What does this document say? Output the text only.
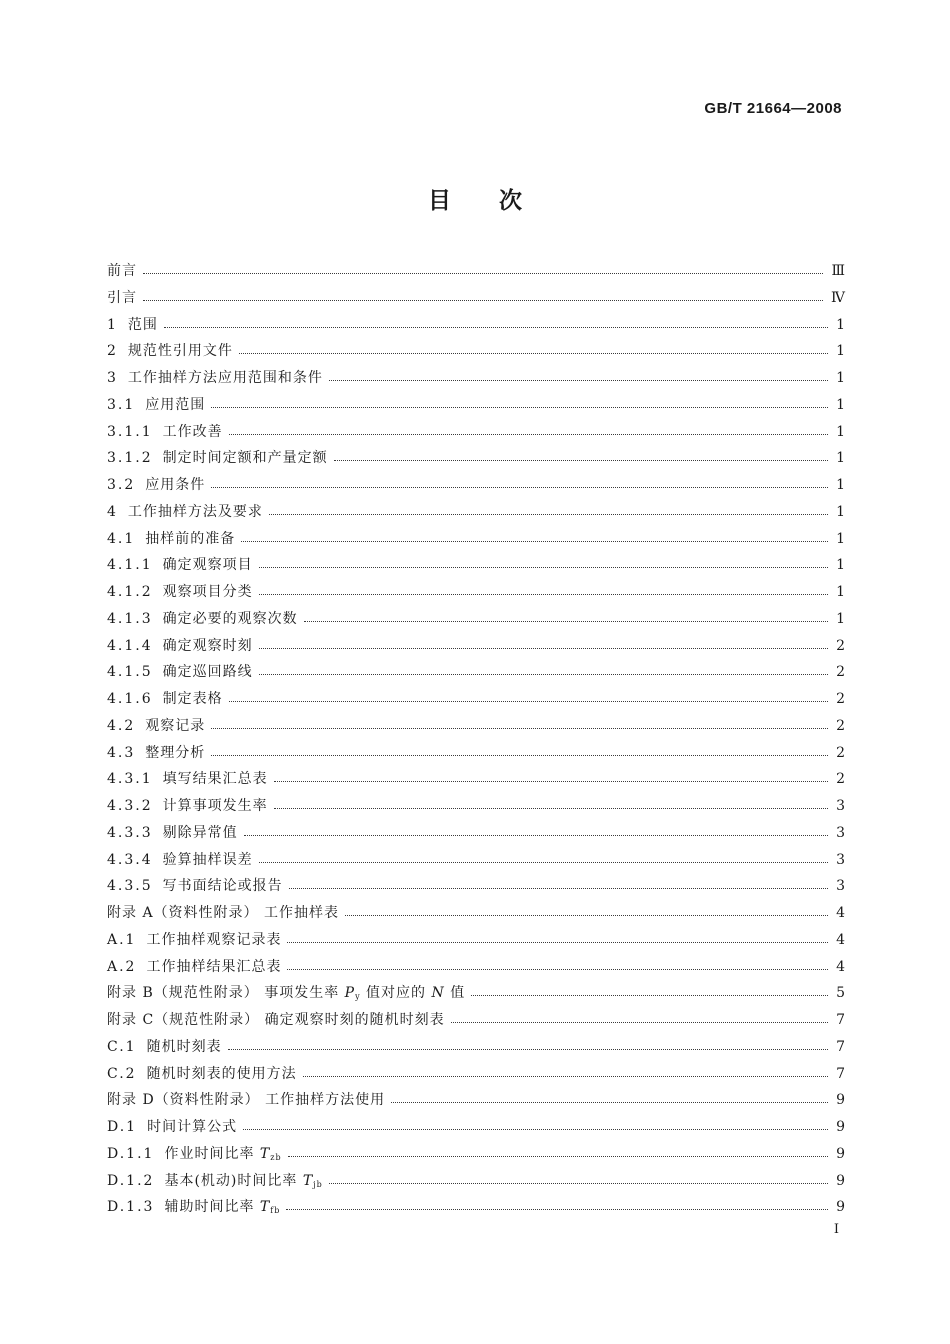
GB/T 21664—2008
目次
前言	Ⅲ
引言	Ⅳ
1 范围	1
2 规范性引用文件	1
3 工作抽样方法应用范围和条件	1
3.1 应用范围	1
3.1.1 工作改善	1
3.1.2 制定时间定额和产量定额	1
3.2 应用条件	1
4 工作抽样方法及要求	1
4.1 抽样前的准备	1
4.1.1 确定观察项目	1
4.1.2 观察项目分类	1
4.1.3 确定必要的观察次数	1
4.1.4 确定观察时刻	2
4.1.5 确定巡回路线	2
4.1.6 制定表格	2
4.2 观察记录	2
4.3 整理分析	2
4.3.1 填写结果汇总表	2
4.3.2 计算事项发生率	3
4.3.3 剔除异常值	3
4.3.4 验算抽样误差	3
4.3.5 写书面结论或报告	3
附录 A（资料性附录） 工作抽样表	4
A.1 工作抽样观察记录表	4
A.2 工作抽样结果汇总表	4
附录 B（规范性附录） 事项发生率 $P_y$ 值对应的 N 值	5
附录 C（规范性附录） 确定观察时刻的随机时刻表	7
C.1 随机时刻表	7
C.2 随机时刻表的使用方法	7
附录 D（资料性附录） 工作抽样方法使用	9
D.1 时间计算公式	9
D.1.1 作业时间比率 $T_{zb}$	9
D.1.2 基本(机动)时间比率 $T_{jb}$	9
D.1.3 辅助时间比率 $T_{fb}$	9
I
